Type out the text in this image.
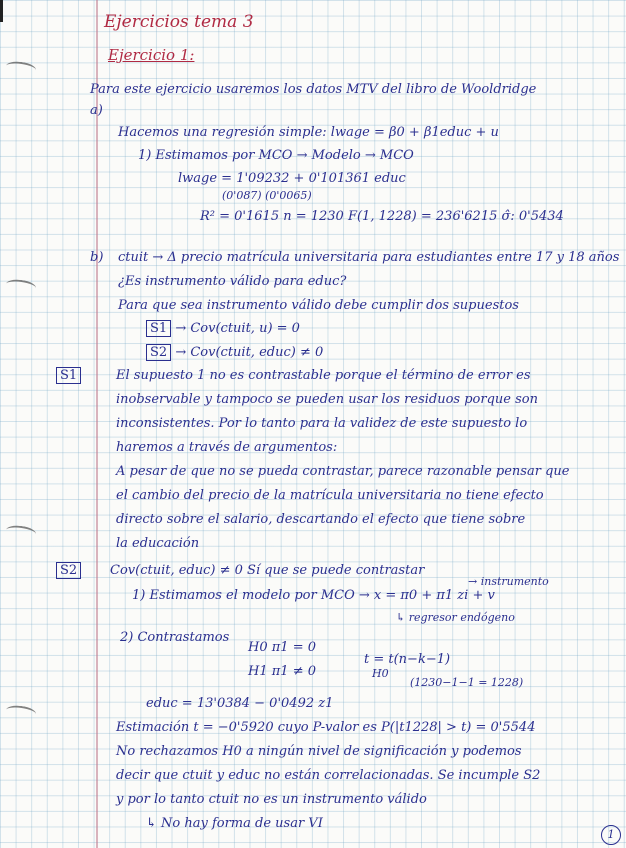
Ejercicios tema 3
Ejercicio 1:
Para este ejercicio usaremos los datos MTV del libro de Wooldridge
a)
Hacemos una regresión simple: lwage = β0 + β1educ + u
1) Estimamos por MCO → Modelo → MCO
lwage = 1'09232 + 0'101361 educ
(0'087) (0'0065)
R² = 0'1615 n = 1230 F(1, 1228) = 236'6215 σ̂: 0'5434
b) ctuit → Δ precio matrícula universitaria para estudiantes entre 17 y 18 años
¿Es instrumento válido para educ?
Para que sea instrumento válido debe cumplir dos supuestos
S1 → Cov(ctuit, u) = 0
S2 → Cov(ctuit, educ) ≠ 0
S1	El supuesto 1 no es contrastable porque el término de error es
inobservable y tampoco se pueden usar los residuos porque son
inconsistentes. Por lo tanto para la validez de este supuesto lo
haremos a través de argumentos:
A pesar de que no se pueda contrastar, parece razonable pensar que
el cambio del precio de la matrícula universitaria no tiene efecto
directo sobre el salario, descartando el efecto que tiene sobre
la educación
S2	Cov(ctuit, educ) ≠ 0 Sí que se puede contrastar
→ instrumento
1) Estimamos el modelo por MCO → x = π0 + π1 zi + v
↳ regresor endógeno
2) Contrastamos
H0 π1 = 0
H1 π1 ≠ 0
t = t(n−k−1)
H0
(1230−1−1 = 1228)
educ = 13'0384 − 0'0492 z1
Estimación t = −0'5920 cuyo P-valor es P(|t1228| > t) = 0'5544
No rechazamos H0 a ningún nivel de significación y podemos
decir que ctuit y educ no están correlacionadas. Se incumple S2
y por lo tanto ctuit no es un instrumento válido
↳ No hay forma de usar VI
1
